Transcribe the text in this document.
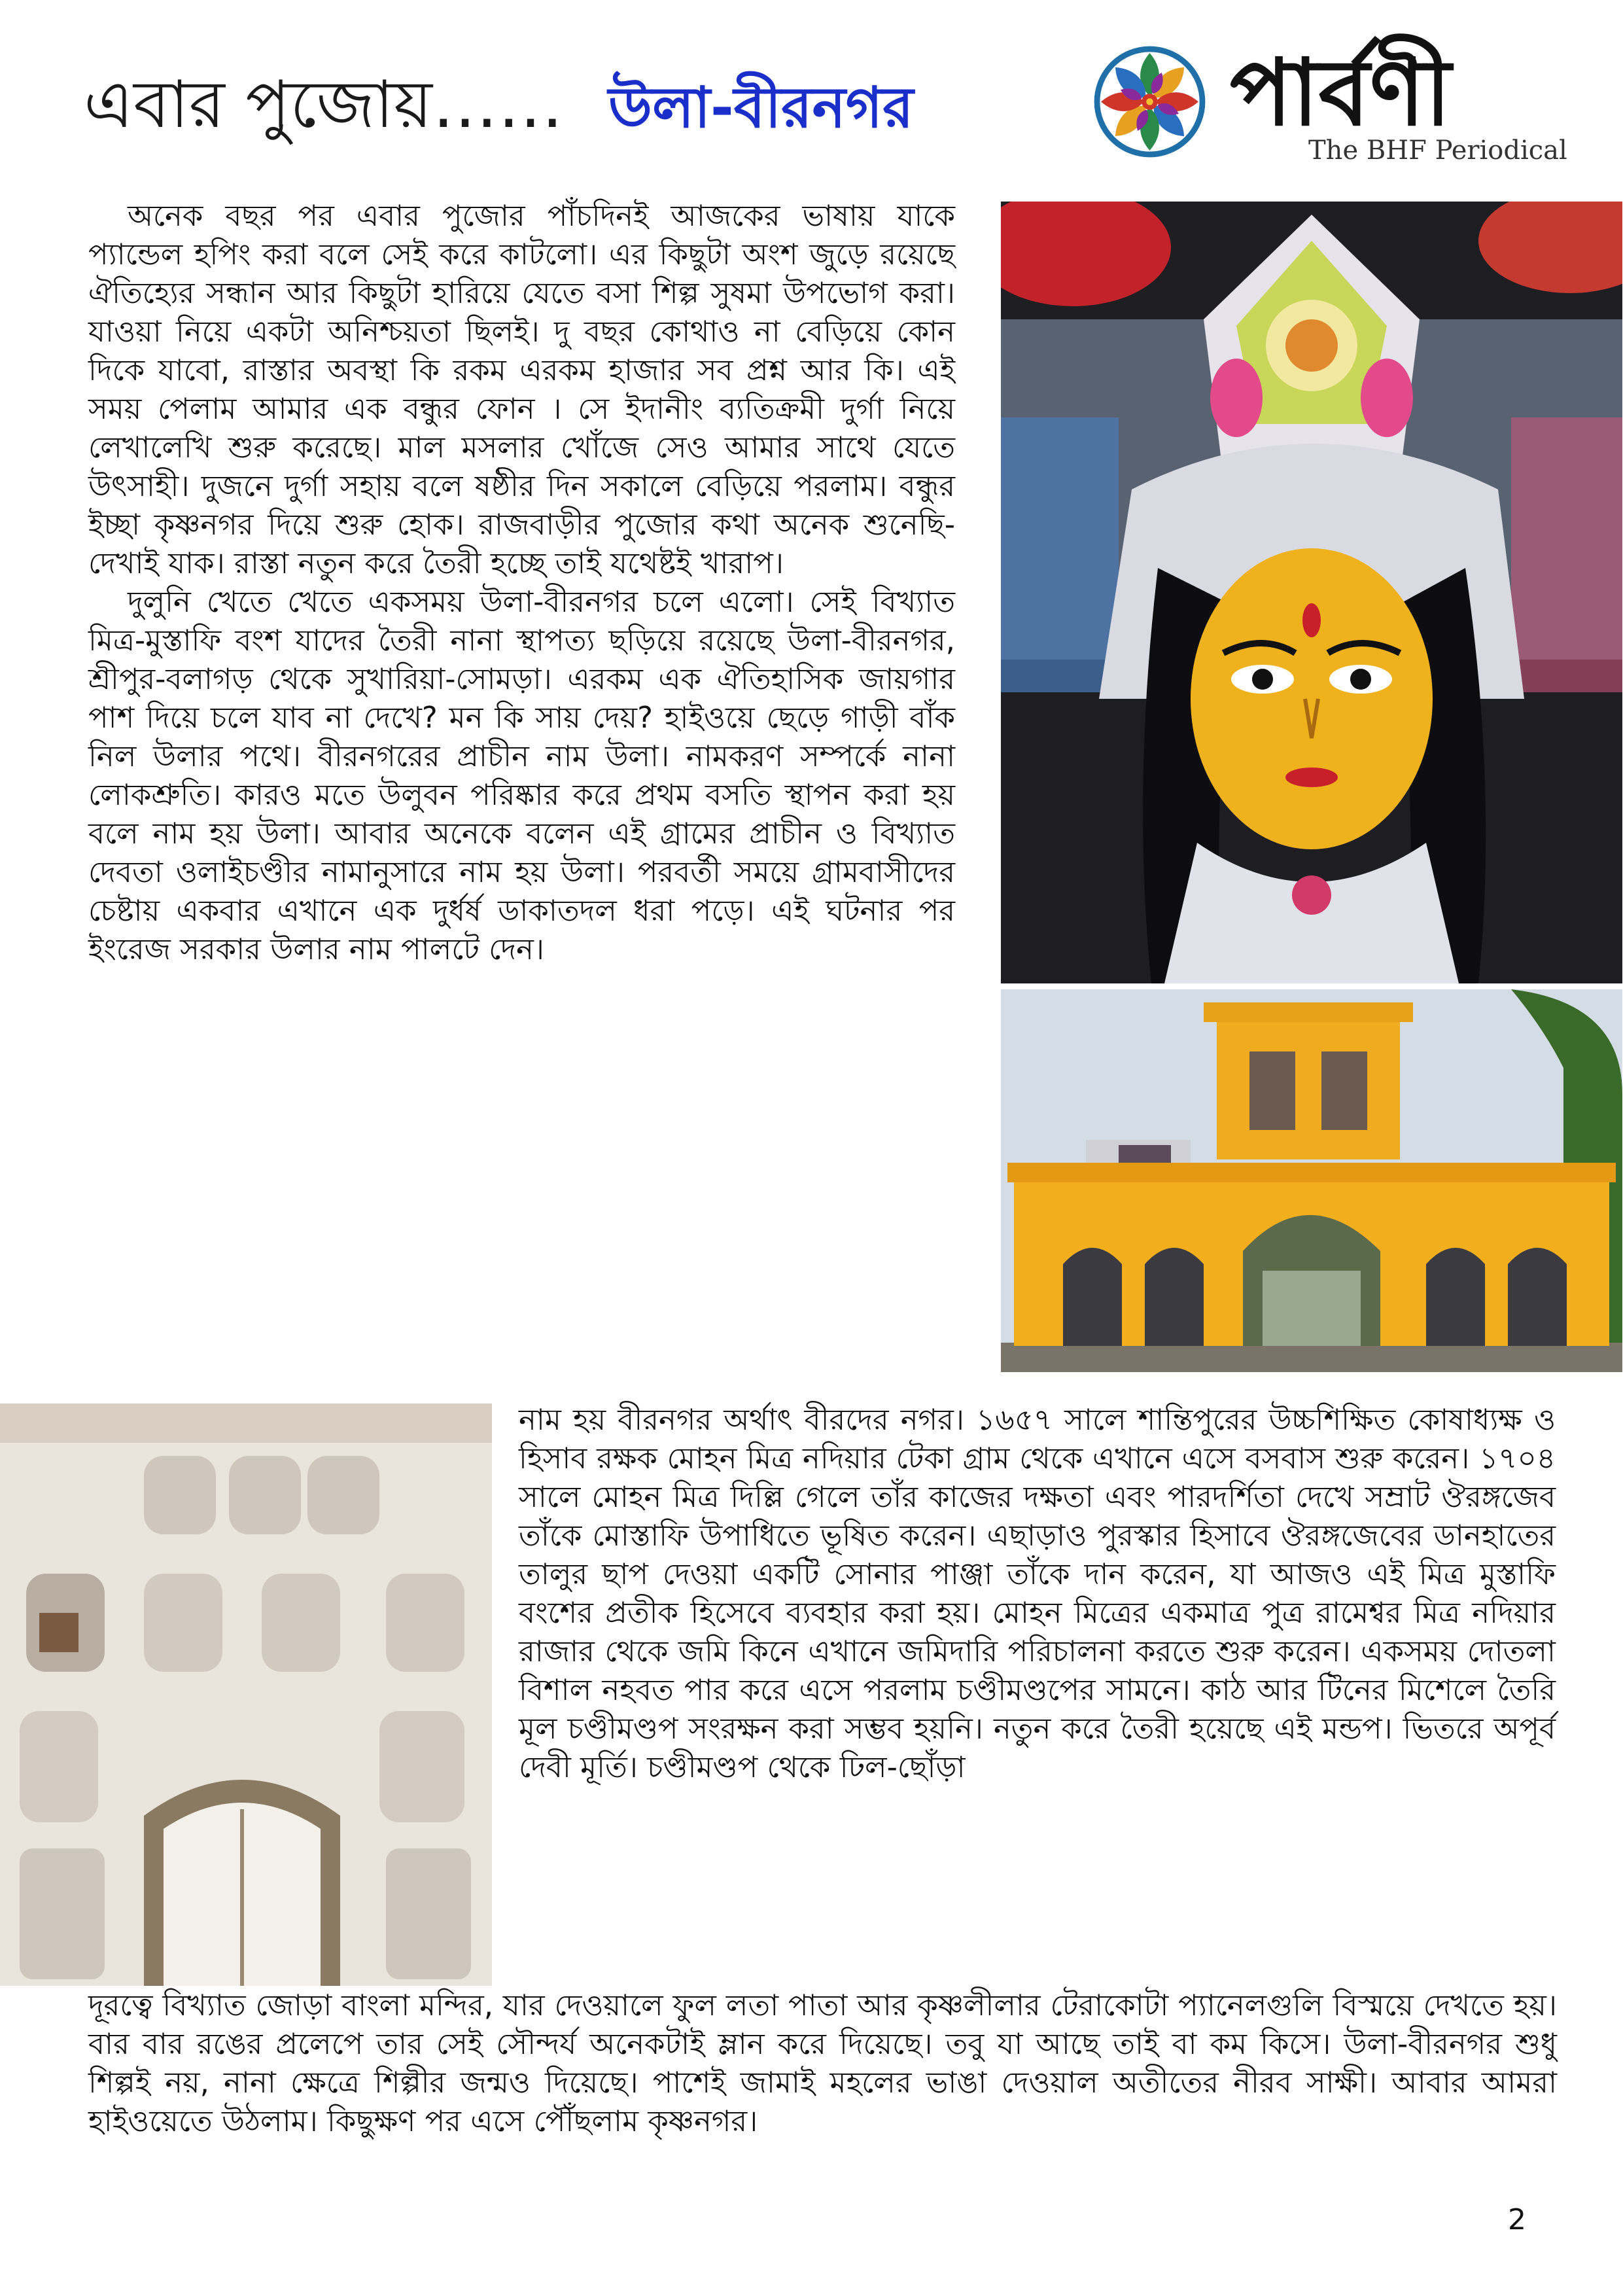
এবার পুজোয়…… উলা-বীরনগর	পার্বণী
The BHF Periodical

অনেক বছর পর এবার পুজোর পাঁচদিনই আজকের ভাষায় যাকে প্যান্ডেল হপিং করা বলে সেই করে কাটলো। এর কিছুটা অংশ জুড়ে রয়েছে ঐতিহ্যের সন্ধান আর কিছুটা হারিয়ে যেতে বসা শিল্প সুষমা উপভোগ করা। যাওয়া নিয়ে একটা অনিশ্চয়তা ছিলই। দু বছর কোথাও না বেড়িয়ে কোন দিকে যাবো, রাস্তার অবস্থা কি রকম এরকম হাজার সব প্রশ্ন আর কি। এই সময় পেলাম আমার এক বন্ধুর ফোন । সে ইদানীং ব্যতিক্রমী দুর্গা নিয়ে লেখালেখি শুরু করেছে। মাল মসলার খোঁজে সেও আমার সাথে যেতে উৎসাহী। দুজনে দুর্গা সহায় বলে ষষ্ঠীর দিন সকালে বেড়িয়ে পরলাম। বন্ধুর ইচ্ছা কৃষ্ণনগর দিয়ে শুরু হোক। রাজবাড়ীর পুজোর কথা অনেক শুনেছি- দেখাই যাক। রাস্তা নতুন করে তৈরী হচ্ছে তাই যথেষ্টই খারাপ।

দুলুনি খেতে খেতে একসময় উলা-বীরনগর চলে এলো। সেই বিখ্যাত মিত্র-মুস্তাফি বংশ যাদের তৈরী নানা স্থাপত্য ছড়িয়ে রয়েছে উলা-বীরনগর, শ্রীপুর-বলাগড় থেকে সুখারিয়া-সোমড়া। এরকম এক ঐতিহাসিক জায়গার পাশ দিয়ে চলে যাব না দেখে? মন কি সায় দেয়? হাইওয়ে ছেড়ে গাড়ী বাঁক নিল উলার পথে। বীরনগরের প্রাচীন নাম উলা। নামকরণ সম্পর্কে নানা লোকশ্রুতি। কারও মতে উলুবন পরিষ্কার করে প্রথম বসতি স্থাপন করা হয় বলে নাম হয় উলা। আবার অনেকে বলেন এই গ্রামের প্রাচীন ও বিখ্যাত দেবতা ওলাইচণ্ডীর নামানুসারে নাম হয় উলা। পরবর্তী সময়ে গ্রামবাসীদের চেষ্টায় একবার এখানে এক দুর্ধর্ষ ডাকাতদল ধরা পড়ে। এই ঘটনার পর ইংরেজ সরকার উলার নাম পালটে দেন।

নাম হয় বীরনগর অর্থাৎ বীরদের নগর। ১৬৫৭ সালে শান্তিপুরের উচ্চশিক্ষিত কোষাধ্যক্ষ ও হিসাব রক্ষক মোহন মিত্র নদিয়ার টেকা গ্রাম থেকে এখানে এসে বসবাস শুরু করেন। ১৭০৪ সালে মোহন মিত্র দিল্লি গেলে তাঁর কাজের দক্ষতা এবং পারদর্শিতা দেখে সম্রাট ঔরঙ্গজেব তাঁকে মোস্তাফি উপাধিতে ভূষিত করেন। এছাড়াও পুরস্কার হিসাবে ঔরঙ্গজেবের ডানহাতের তালুর ছাপ দেওয়া একটি সোনার পাঞ্জা তাঁকে দান করেন, যা আজও এই মিত্র মুস্তাফি বংশের প্রতীক হিসেবে ব্যবহার করা হয়। মোহন মিত্রের একমাত্র পুত্র রামেশ্বর মিত্র নদিয়ার রাজার থেকে জমি কিনে এখানে জমিদারি পরিচালনা করতে শুরু করেন। একসময় দোতলা বিশাল নহবত পার করে এসে পরলাম চণ্ডীমণ্ডপের সামনে। কাঠ আর টিনের মিশেলে তৈরি মূল চণ্ডীমণ্ডপ সংরক্ষন করা সম্ভব হয়নি। নতুন করে তৈরী হয়েছে এই মন্ডপ। ভিতরে অপূর্ব দেবী মূর্তি। চণ্ডীমণ্ডপ থেকে ঢিল-ছোঁড়া

দূরত্বে বিখ্যাত জোড়া বাংলা মন্দির, যার দেওয়ালে ফুল লতা পাতা আর কৃষ্ণলীলার টেরাকোটা প্যানেলগুলি বিস্ময়ে দেখতে হয়। বার বার রঙের প্রলেপে তার সেই সৌন্দর্য অনেকটাই ম্লান করে দিয়েছে। তবু যা আছে তাই বা কম কিসে। উলা-বীরনগর শুধু শিল্পই নয়, নানা ক্ষেত্রে শিল্পীর জন্মও দিয়েছে। পাশেই জামাই মহলের ভাঙা দেওয়াল অতীতের নীরব সাক্ষী। আবার আমরা হাইওয়েতে উঠলাম। কিছুক্ষণ পর এসে পৌঁছলাম কৃষ্ণনগর।

2
